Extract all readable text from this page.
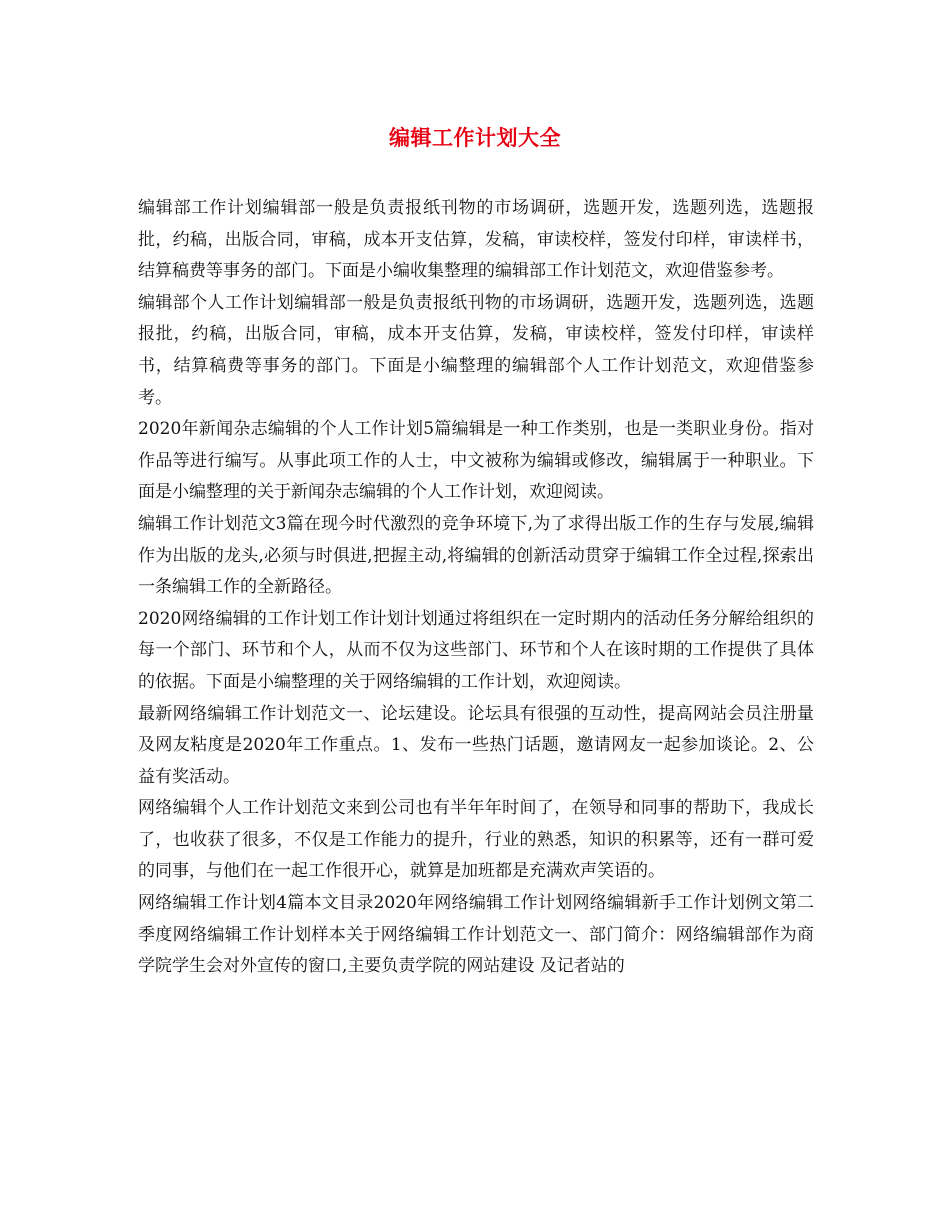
编辑工作计划大全

编辑部工作计划编辑部一般是负责报纸刊物的市场调研，选题开发，选题列选，选题报批，约稿，出版合同，审稿，成本开支估算，发稿，审读校样，签发付印样，审读样书，结算稿费等事务的部门。下面是小编收集整理的编辑部工作计划范文，欢迎借鉴参考。

编辑部个人工作计划编辑部一般是负责报纸刊物的市场调研，选题开发，选题列选，选题报批，约稿，出版合同，审稿，成本开支估算，发稿，审读校样，签发付印样，审读样书，结算稿费等事务的部门。下面是小编整理的编辑部个人工作计划范文，欢迎借鉴参考。

2020年新闻杂志编辑的个人工作计划5篇编辑是一种工作类别，也是一类职业身份。指对作品等进行编写。从事此项工作的人士，中文被称为编辑或修改，编辑属于一种职业。下面是小编整理的关于新闻杂志编辑的个人工作计划，欢迎阅读。

编辑工作计划范文3篇在现今时代激烈的竞争环境下,为了求得出版工作的生存与发展,编辑作为出版的龙头,必须与时俱进,把握主动,将编辑的创新活动贯穿于编辑工作全过程,探索出一条编辑工作的全新路径。

2020网络编辑的工作计划工作计划计划通过将组织在一定时期内的活动任务分解给组织的每一个部门、环节和个人，从而不仅为这些部门、环节和个人在该时期的工作提供了具体的依据。下面是小编整理的关于网络编辑的工作计划，欢迎阅读。

最新网络编辑工作计划范文一、论坛建设。论坛具有很强的互动性，提高网站会员注册量及网友粘度是2020年工作重点。1、发布一些热门话题，邀请网友一起参加谈论。2、公益有奖活动。

网络编辑个人工作计划范文来到公司也有半年年时间了，在领导和同事的帮助下，我成长了，也收获了很多，不仅是工作能力的提升，行业的熟悉，知识的积累等，还有一群可爱的同事，与他们在一起工作很开心，就算是加班都是充满欢声笑语的。

网络编辑工作计划4篇本文目录2020年网络编辑工作计划网络编辑新手工作计划例文第二季度网络编辑工作计划样本关于网络编辑工作计划范文一、部门简介：网络编辑部作为商学院学生会对外宣传的窗口,主要负责学院的网站建设 及记者站的
